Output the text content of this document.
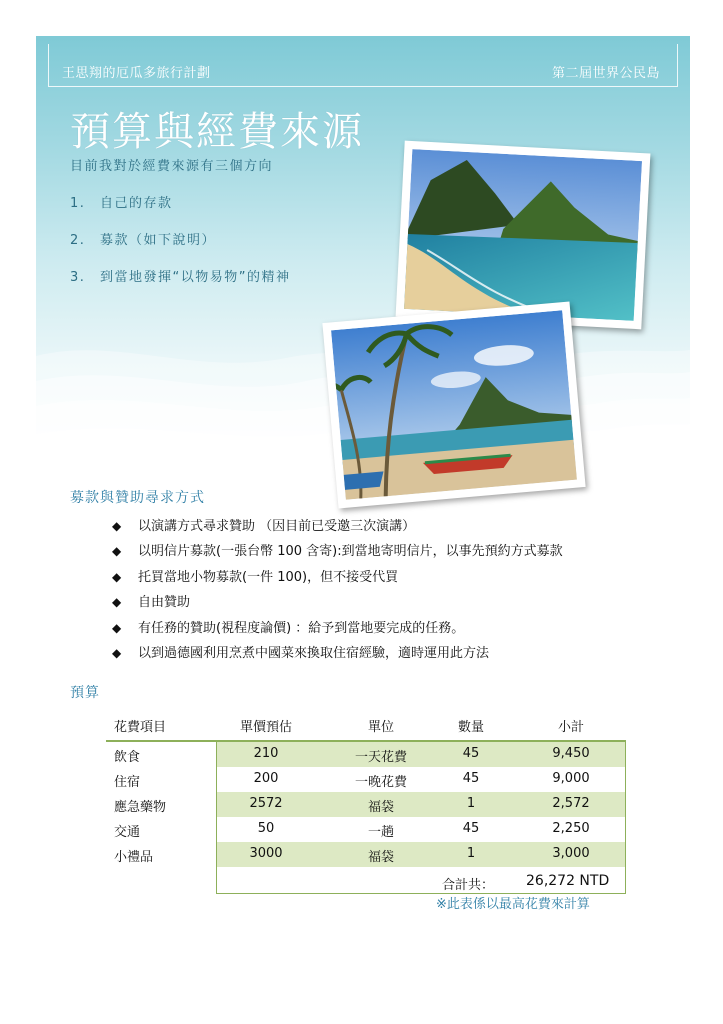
王思翔的厄瓜多旅行計劃	第二屆世界公民島
預算與經費來源
目前我對於經費來源有三個方向
1. 自己的存款
2. 募款（如下說明）
3. 到當地發揮“以物易物”的精神
募款與贊助尋求方式
◆ 以演講方式尋求贊助 （因目前已受邀三次演講）
◆ 以明信片募款(一張台幣 100 含寄):到當地寄明信片，以事先預約方式募款
◆ 托買當地小物募款(一件 100)，但不接受代買
◆ 自由贊助
◆ 有任務的贊助(視程度論價) ：給予到當地要完成的任務。
◆ 以到過德國利用烹煮中國菜來換取住宿經驗，適時運用此方法
預算
花費項目	單價預估	單位	數量	小計
飲食	210	一天花費	45	9,450
住宿	200	一晚花費	45	9,000
應急藥物	2572	福袋	1	2,572
交通	50	一趟	45	2,250
小禮品	3000	福袋	1	3,000
合計共： 26,272 NTD
※此表係以最高花費來計算
